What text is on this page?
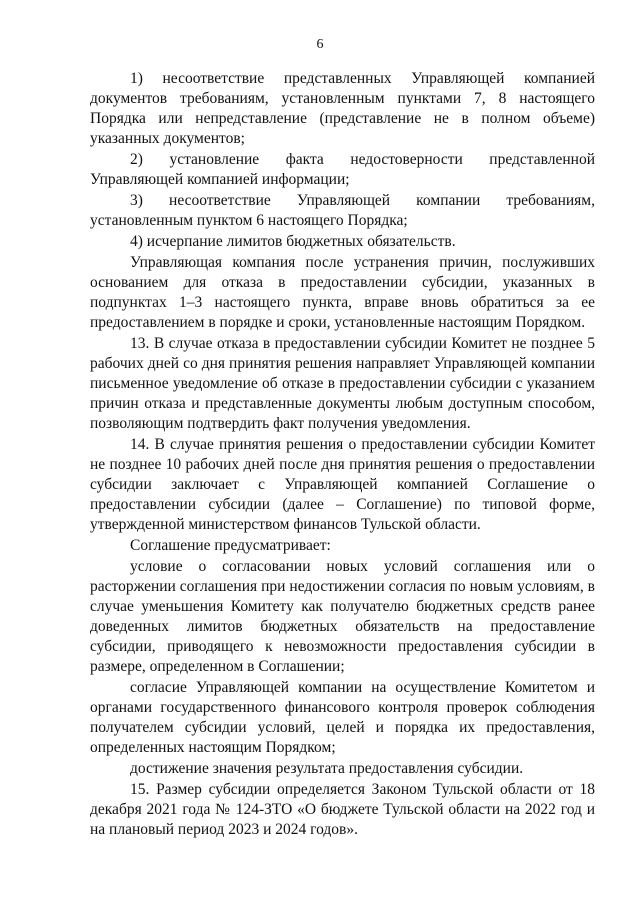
6

1) несоответствие представленных Управляющей компанией документов требованиям, установленным пунктами 7, 8 настоящего Порядка или непредставление (представление не в полном объеме) указанных документов;

2) установление факта недостоверности представленной Управляющей компанией информации;

3) несоответствие Управляющей компании требованиям, установленным пунктом 6 настоящего Порядка;

4) исчерпание лимитов бюджетных обязательств.

Управляющая компания после устранения причин, послуживших основанием для отказа в предоставлении субсидии, указанных в подпунктах 1–3 настоящего пункта, вправе вновь обратиться за ее предоставлением в порядке и сроки, установленные настоящим Порядком.

13. В случае отказа в предоставлении субсидии Комитет не позднее 5 рабочих дней со дня принятия решения направляет Управляющей компании письменное уведомление об отказе в предоставлении субсидии с указанием причин отказа и представленные документы любым доступным способом, позволяющим подтвердить факт получения уведомления.

14. В случае принятия решения о предоставлении субсидии Комитет не позднее 10 рабочих дней после дня принятия решения о предоставлении субсидии заключает с Управляющей компанией Соглашение о предоставлении субсидии (далее – Соглашение) по типовой форме, утвержденной министерством финансов Тульской области.

Соглашение предусматривает:

условие о согласовании новых условий соглашения или о расторжении соглашения при недостижении согласия по новым условиям, в случае уменьшения Комитету как получателю бюджетных средств ранее доведенных лимитов бюджетных обязательств на предоставление субсидии, приводящего к невозможности предоставления субсидии в размере, определенном в Соглашении;

согласие Управляющей компании на осуществление Комитетом и органами государственного финансового контроля проверок соблюдения получателем субсидии условий, целей и порядка их предоставления, определенных настоящим Порядком;

достижение значения результата предоставления субсидии.

15. Размер субсидии определяется Законом Тульской области от 18 декабря 2021 года № 124-ЗТО «О бюджете Тульской области на 2022 год и на плановый период 2023 и 2024 годов».
